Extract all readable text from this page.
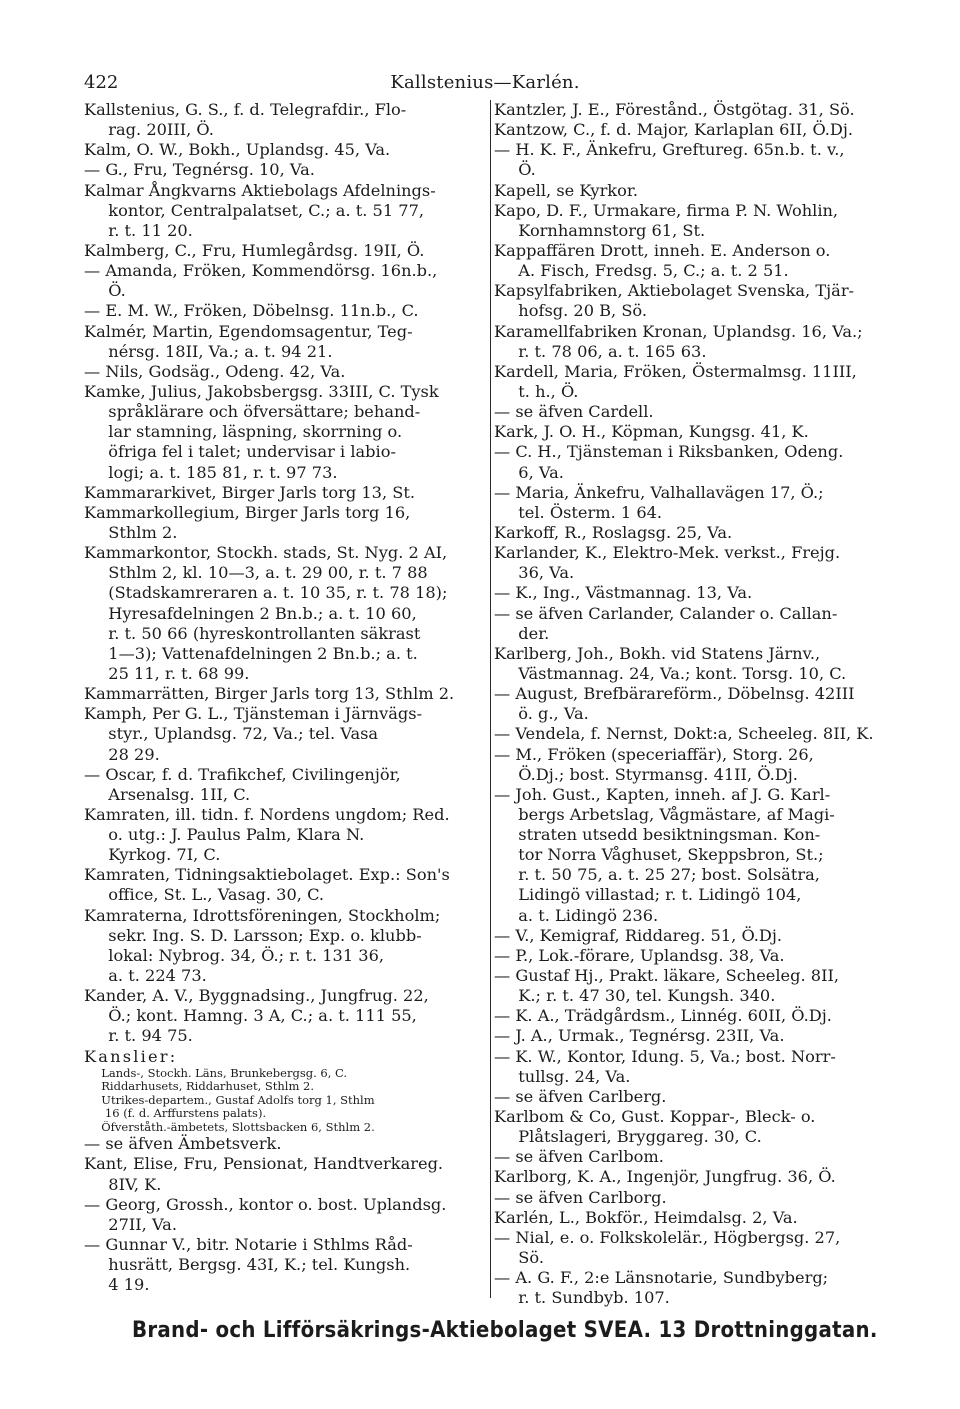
422	Kallstenius—Karlén.
Kallstenius, G. S., f. d. Telegrafdir., Flo-
  rag. 20III, Ö.
Kalm, O. W., Bokh., Uplandsg. 45, Va.
— G., Fru, Tegnérsg. 10, Va.
Kalmar Ångkvarns Aktiebolags Afdelnings-
  kontor, Centralpalatset, C.; a. t. 51 77,
  r. t. 11 20.
Kalmberg, C., Fru, Humlegårdsg. 19II, Ö.
— Amanda, Fröken, Kommendörsg. 16n.b.,
  Ö.
— E. M. W., Fröken, Döbelnsg. 11n.b., C.
Kalmér, Martin, Egendomsagentur, Teg-
  nérsg. 18II, Va.; a. t. 94 21.
— Nils, Godsäg., Odeng. 42, Va.
Kamke, Julius, Jakobsbergsg. 33III, C. Tysk
  språklärare och öfversättare; behand-
  lar stamning, läspning, skorrning o.
  öfriga fel i talet; undervisar i labio-
  logi; a. t. 185 81, r. t. 97 73.
Kammararkivet, Birger Jarls torg 13, St.
Kammarkollegium, Birger Jarls torg 16,
  Sthlm 2.
Kammarkontor, Stockh. stads, St. Nyg. 2 AI,
  Sthlm 2, kl. 10—3, a. t. 29 00, r. t. 7 88
  (Stadskamreraren a. t. 10 35, r. t. 78 18);
  Hyresafdelningen 2 Bn.b.; a. t. 10 60,
  r. t. 50 66 (hyreskontrollanten säkrast
  1—3); Vattenafdelningen 2 Bn.b.; a. t.
  25 11, r. t. 68 99.
Kammarrätten, Birger Jarls torg 13, Sthlm 2.
Kamph, Per G. L., Tjänsteman i Järnvägs-
  styr., Uplandsg. 72, Va.; tel. Vasa
  28 29.
— Oscar, f. d. Trafikchef, Civilingenjör,
  Arsenalsg. 1II, C.
Kamraten, ill. tidn. f. Nordens ungdom; Red.
  o. utg.: J. Paulus Palm, Klara N.
  Kyrkog. 7I, C.
Kamraten, Tidningsaktiebolaget. Exp.: Son's
  office, St. L., Vasag. 30, C.
Kamraterna, Idrottsföreningen, Stockholm;
  sekr. Ing. S. D. Larsson; Exp. o. klubb-
  lokal: Nybrog. 34, Ö.; r. t. 131 36,
  a. t. 224 73.
Kander, A. V., Byggnadsing., Jungfrug. 22,
  Ö.; kont. Hamng. 3 A, C.; a. t. 111 55,
  r. t. 94 75.
Kanslier:
  Lands-, Stockh. Läns, Brunkebergsg. 6, C.
  Riddarhusets, Riddarhuset, Sthlm 2.
  Utrikes-departem., Gustaf Adolfs torg 1, Sthlm
   16 (f. d. Arffurstens palats).
  Öfverståth.-ämbetets, Slottsbacken 6, Sthlm 2.
— se äfven Ämbetsverk.
Kant, Elise, Fru, Pensionat, Handtverkareg.
  8IV, K.
— Georg, Grossh., kontor o. bost. Uplandsg.
  27II, Va.
— Gunnar V., bitr. Notarie i Sthlms Råd-
  husrätt, Bergsg. 43I, K.; tel. Kungsh.
  4 19.
Kantzler, J. E., Förestånd., Östgötag. 31, Sö.
Kantzow, C., f. d. Major, Karlaplan 6II, Ö.Dj.
— H. K. F., Änkefru, Greftureg. 65n.b. t. v.,
  Ö.
Kapell, se Kyrkor.
Kapo, D. F., Urmakare, firma P. N. Wohlin,
  Kornhamnstorg 61, St.
Kappaffären Drott, inneh. E. Anderson o.
  A. Fisch, Fredsg. 5, C.; a. t. 2 51.
Kapsylfabriken, Aktiebolaget Svenska, Tjär-
  hofsg. 20 B, Sö.
Karamellfabriken Kronan, Uplandsg. 16, Va.;
  r. t. 78 06, a. t. 165 63.
Kardell, Maria, Fröken, Östermalmsg. 11III,
  t. h., Ö.
— se äfven Cardell.
Kark, J. O. H., Köpman, Kungsg. 41, K.
— C. H., Tjänsteman i Riksbanken, Odeng.
  6, Va.
— Maria, Änkefru, Valhallavägen 17, Ö.;
  tel. Österm. 1 64.
Karkoff, R., Roslagsg. 25, Va.
Karlander, K., Elektro-Mek. verkst., Frejg.
  36, Va.
— K., Ing., Västmannag. 13, Va.
— se äfven Carlander, Calander o. Callan-
  der.
Karlberg, Joh., Bokh. vid Statens Järnv.,
  Västmannag. 24, Va.; kont. Torsg. 10, C.
— August, Brefbärareförm., Döbelnsg. 42III
  ö. g., Va.
— Vendela, f. Nernst, Dokt:a, Scheeleg. 8II, K.
— M., Fröken (speceriaffär), Storg. 26,
  Ö.Dj.; bost. Styrmansg. 41II, Ö.Dj.
— Joh. Gust., Kapten, inneh. af J. G. Karl-
  bergs Arbetslag, Vågmästare, af Magi-
  straten utsedd besiktningsman. Kon-
  tor Norra Våghuset, Skeppsbron, St.;
  r. t. 50 75, a. t. 25 27; bost. Solsätra,
  Lidingö villastad; r. t. Lidingö 104,
  a. t. Lidingö 236.
— V., Kemigraf, Riddareg. 51, Ö.Dj.
— P., Lok.-förare, Uplandsg. 38, Va.
— Gustaf Hj., Prakt. läkare, Scheeleg. 8II,
  K.; r. t. 47 30, tel. Kungsh. 340.
— K. A., Trädgårdsm., Linnég. 60II, Ö.Dj.
— J. A., Urmak., Tegnérsg. 23II, Va.
— K. W., Kontor, Idung. 5, Va.; bost. Norr-
  tullsg. 24, Va.
— se äfven Carlberg.
Karlbom & Co, Gust. Koppar-, Bleck- o.
  Plåtslageri, Bryggareg. 30, C.
— se äfven Carlbom.
Karlborg, K. A., Ingenjör, Jungfrug. 36, Ö.
— se äfven Carlborg.
Karlén, L., Bokför., Heimdalsg. 2, Va.
— Nial, e. o. Folkskolelär., Högbergsg. 27,
  Sö.
— A. G. F., 2:e Länsnotarie, Sundbyberg;
  r. t. Sundbyb. 107.
Brand- och Lifförsäkrings-Aktiebolaget SVEA. 13 Drottninggatan.
